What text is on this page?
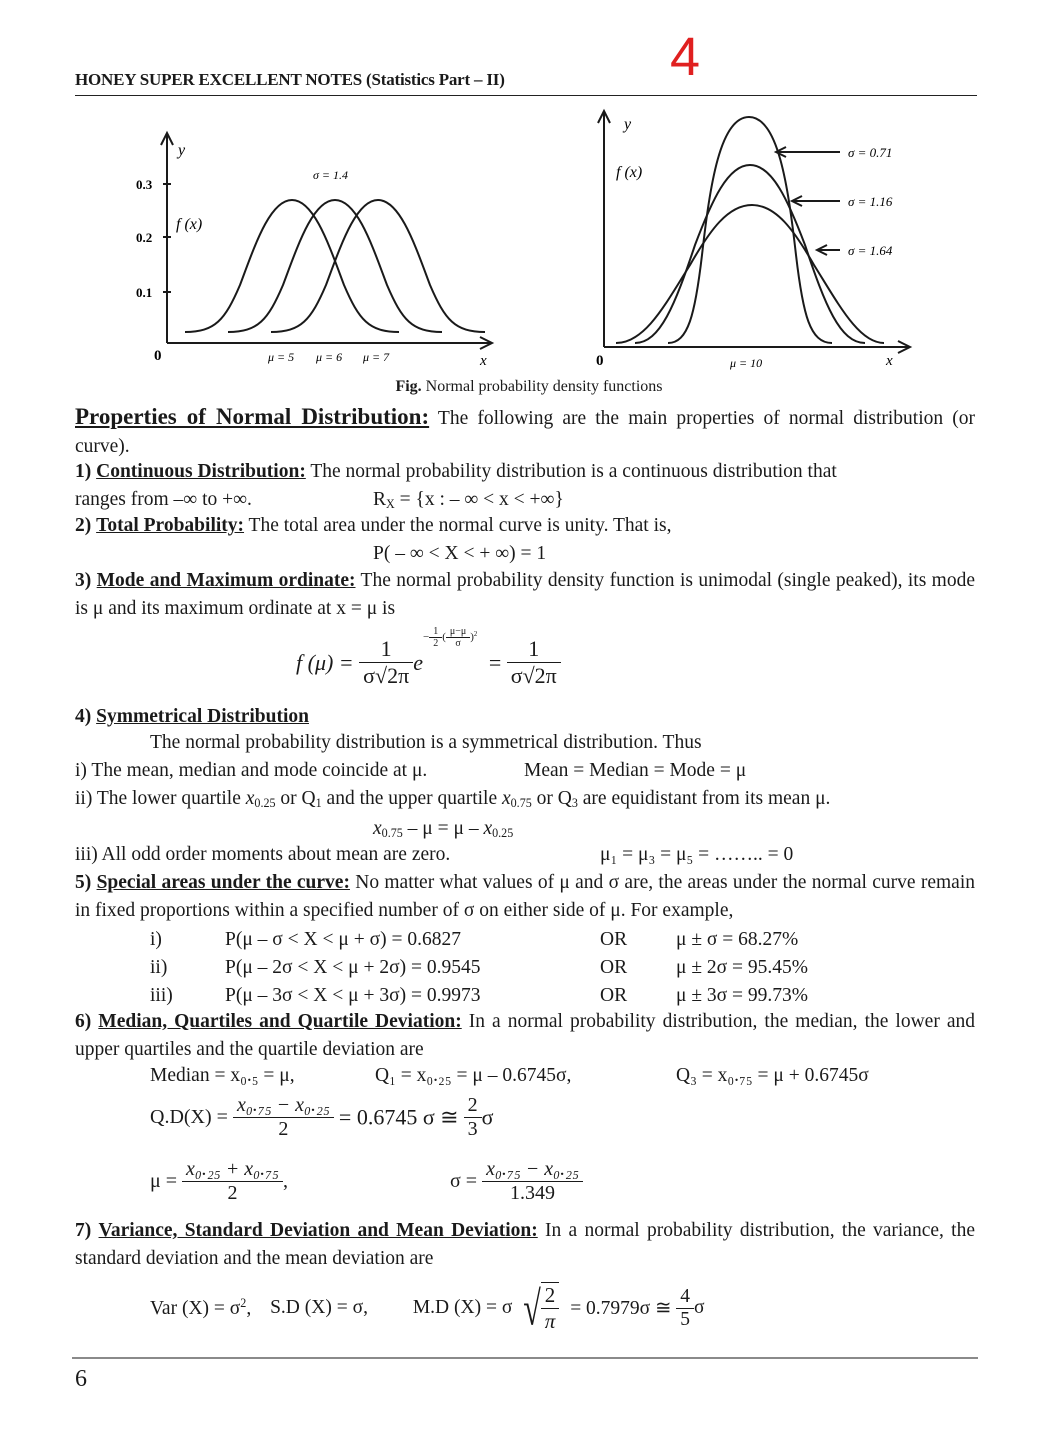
HONEY SUPER EXCELLENT NOTES (Statistics Part – II)	4
0.3
0.2
0.1
0
y
f (x)
x
σ = 1.4
μ = 5 μ = 6 μ = 7
σ = 0.71
σ = 1.16
σ = 1.64
y
f (x)
0	x
μ = 10
Fig. Normal probability density functions
Properties of Normal Distribution: The following are the main properties of normal distribution (or curve).
1) Continuous Distribution: The normal probability distribution is a continuous distribution that
ranges from –∞ to +∞.	$R_X = \{x$ : – ∞ < x < +∞}
2) Total Probability: The total area under the normal curve is unity. That is,
P( – ∞ < X < + ∞) = 1
3) Mode and Maximum ordinate: The normal probability density function is unimodal (single peaked), its mode is μ and its maximum ordinate at x = μ is
f $(\mu) = \frac{1}{\sigma√2\pi} e^{- \frac{1}{2} ( \frac{\mu-\mu}{\sigma} )^2} = \frac{1}{\sigma√2\pi}$
4) Symmetrical Distribution
The normal probability distribution is a symmetrical distribution. Thus
i) The mean, median and mode coincide at μ.	Mean = Median = Mode = μ
ii) The lower quartile $x_{0.25}$ or $Q_1$ and the upper quartile $x_{0.75}$ or $Q_3$ are equidistant from its mean μ.
$x_{0.75} - \mu = \mu - x_{0.25}$
iii) All odd order moments about mean are zero.	μ₁ = μ₃ = μ₅ = …….. = 0
5) Special areas under the curve: No matter what values of μ and σ are, the areas under the normal curve remain in fixed proportions within a specified number of σ on either side of μ. For example,
i)	P(μ – σ < X < μ + σ) = 0.6827	OR	μ ± σ = 68.27%
ii)	P(μ – 2σ < X < μ + 2σ) = 0.9545	OR	μ ± 2σ = 95.45%
iii)	P(μ – 3σ < X < μ + 3σ) = 0.9973	OR	μ ± 3σ = 99.73%
6) Median, Quartiles and Quartile Deviation: In a normal probability distribution, the median, the lower and upper quartiles and the quartile deviation are
Median = x₀.₅ = μ,	Q₁ = x₀.₂₅ = μ – 0.6745σ,	Q₃ = x₀.₇₅ = μ + 0.6745σ
$Q.D(X) = \frac{\text{x₀.₇₅ − x₀.₂₅}}{2} = 0.6745$ σ ≅ $\frac{2}{3}$ σ
$\mu = \frac{\text{x₀.₂₅ + x₀.₇₅}}{2}$ ,	$\sigma = \frac{\text{x₀.₇₅ − x₀.₂₅}}{1.349}$
7) Variance, Standard Deviation and Mean Deviation: In a normal probability distribution, the variance, the standard deviation and the mean deviation are
Var $(X) = \sigma^2$, S.D (X) = σ, M.D (X) = σ √ $\frac{2}{\pi} = 0.7979\sigma$ ≅ $\frac{4}{5}$ σ
6
